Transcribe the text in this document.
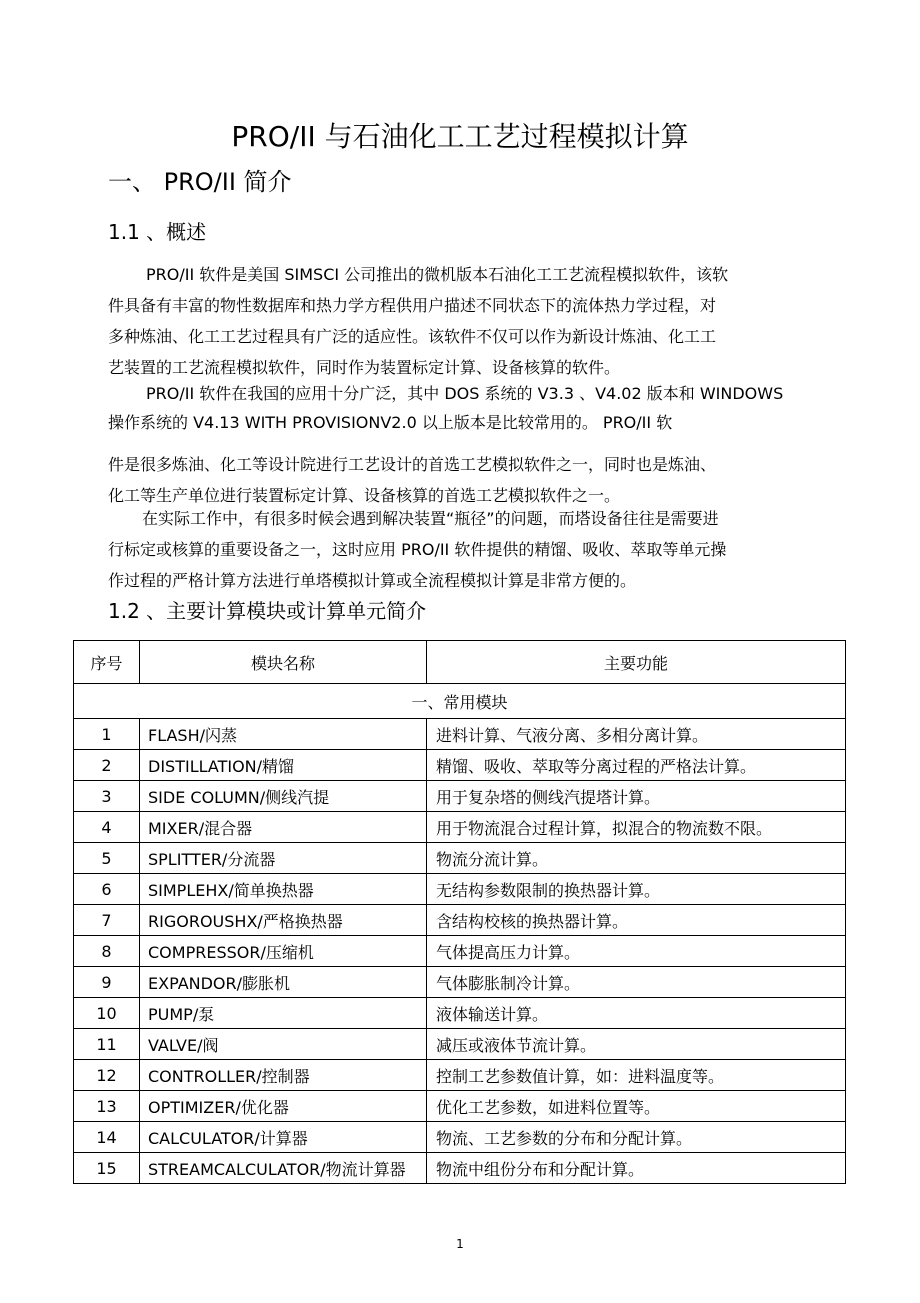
PRO/II 与石油化工工艺过程模拟计算
一、 PRO/II 简介
1.1 、概述

PRO/II 软件是美国 SIMSCI 公司推出的微机版本石油化工工艺流程模拟软件，该软

件具备有丰富的物性数据库和热力学方程供用户描述不同状态下的流体热力学过程，对

多种炼油、化工工艺过程具有广泛的适应性。该软件不仅可以作为新设计炼油、化工工

艺装置的工艺流程模拟软件，同时作为装置标定计算、设备核算的软件。

PRO/II 软件在我国的应用十分广泛，其中 DOS 系统的 V3.3 、V4.02 版本和 WINDOWS

操作系统的 V4.13 WITH PROVISIONV2.0 以上版本是比较常用的。 PRO/II 软

件是很多炼油、化工等设计院进行工艺设计的首选工艺模拟软件之一，同时也是炼油、

化工等生产单位进行装置标定计算、设备核算的首选工艺模拟软件之一。

在实际工作中，有很多时候会遇到解决装置“瓶径”的问题，而塔设备往往是需要进

行标定或核算的重要设备之一，这时应用 PRO/II 软件提供的精馏、吸收、萃取等单元操

作过程的严格计算方法进行单塔模拟计算或全流程模拟计算是非常方便的。

1.2 、主要计算模块或计算单元简介
序号	模块名称	主要功能
一、常用模块		
1	FLASH/闪蒸	进料计算、气液分离、多相分离计算。
2	DISTILLATION/精馏	精馏、吸收、萃取等分离过程的严格法计算。
3	SIDE COLUMN/侧线汽提	用于复杂塔的侧线汽提塔计算。
4	MIXER/混合器	用于物流混合过程计算，拟混合的物流数不限。
5	SPLITTER/分流器	物流分流计算。
6	SIMPLEHX/简单换热器	无结构参数限制的换热器计算。
7	RIGOROUSHX/严格换热器	含结构校核的换热器计算。
8	COMPRESSOR/压缩机	气体提高压力计算。
9	EXPANDOR/膨胀机	气体膨胀制冷计算。
10	PUMP/泵	液体输送计算。
11	VALVE/阀	减压或液体节流计算。
12	CONTROLLER/控制器	控制工艺参数值计算，如：进料温度等。
13	OPTIMIZER/优化器	优化工艺参数，如进料位置等。
14	CALCULATOR/计算器	物流、工艺参数的分布和分配计算。
15	STREAMCALCULATOR/物流计算器	物流中组份分布和分配计算。
1
